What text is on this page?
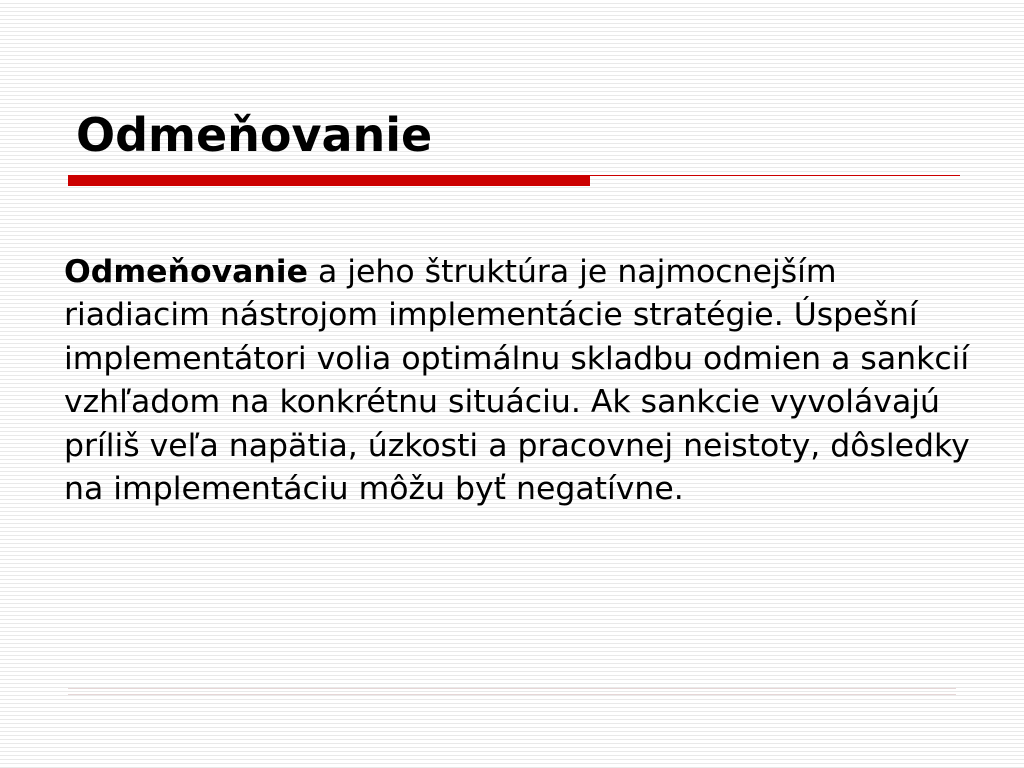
Odmeňovanie

Odmeňovanie a jeho štruktúra je najmocnejším riadiacim nástrojom implementácie stratégie. Úspešní implementátori volia optimálnu skladbu odmien a sankcií vzhľadom na konkrétnu situáciu. Ak sankcie vyvolávajú príliš veľa napätia, úzkosti a pracovnej neistoty, dôsledky na implementáciu môžu byť negatívne.
